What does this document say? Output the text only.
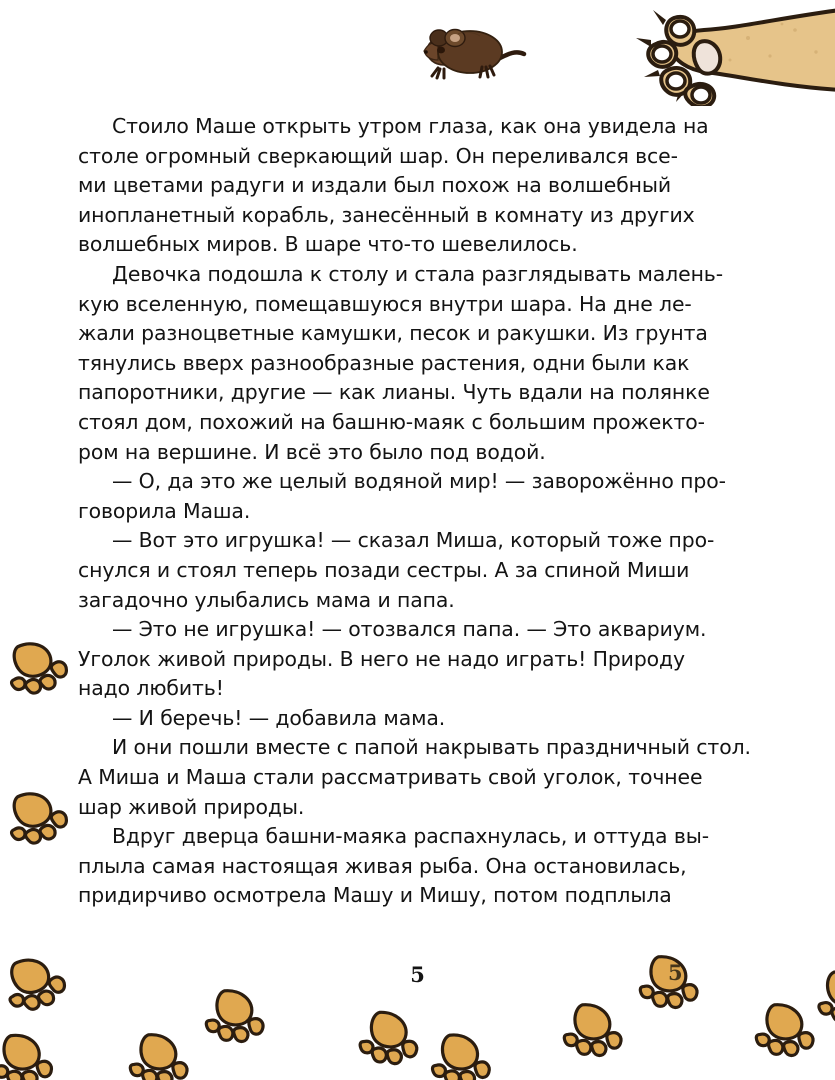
Стоило Маше открыть утром глаза, как она увидела на
столе огромный сверкающий шар. Он переливался все-
ми цветами радуги и издали был похож на волшебный
инопланетный корабль, занесённый в комнату из других
волшебных миров. В шаре что-то шевелилось.
Девочка подошла к столу и стала разглядывать малень-
кую вселенную, помещавшуюся внутри шара. На дне ле-
жали разноцветные камушки, песок и ракушки. Из грунта
тянулись вверх разнообразные растения, одни были как
папоротники, другие — как лианы. Чуть вдали на полянке
стоял дом, похожий на башню-маяк с большим прожекто-
ром на вершине. И всё это было под водой.
— О, да это же целый водяной мир! — заворожённо про-
говорила Маша.
— Вот это игрушка! — сказал Миша, который тоже про-
снулся и стоял теперь позади сестры. А за спиной Миши
загадочно улыбались мама и папа.
— Это не игрушка! — отозвался папа. — Это аквариум.
Уголок живой природы. В него не надо играть! Природу
надо любить!
— И беречь! — добавила мама.
И они пошли вместе с папой накрывать праздничный стол.
А Миша и Маша стали рассматривать свой уголок, точнее
шар живой природы.
Вдруг дверца башни-маяка распахнулась, и оттуда вы-
плыла самая настоящая живая рыба. Она остановилась,
придирчиво осмотрела Машу и Мишу, потом подплыла
5	5
